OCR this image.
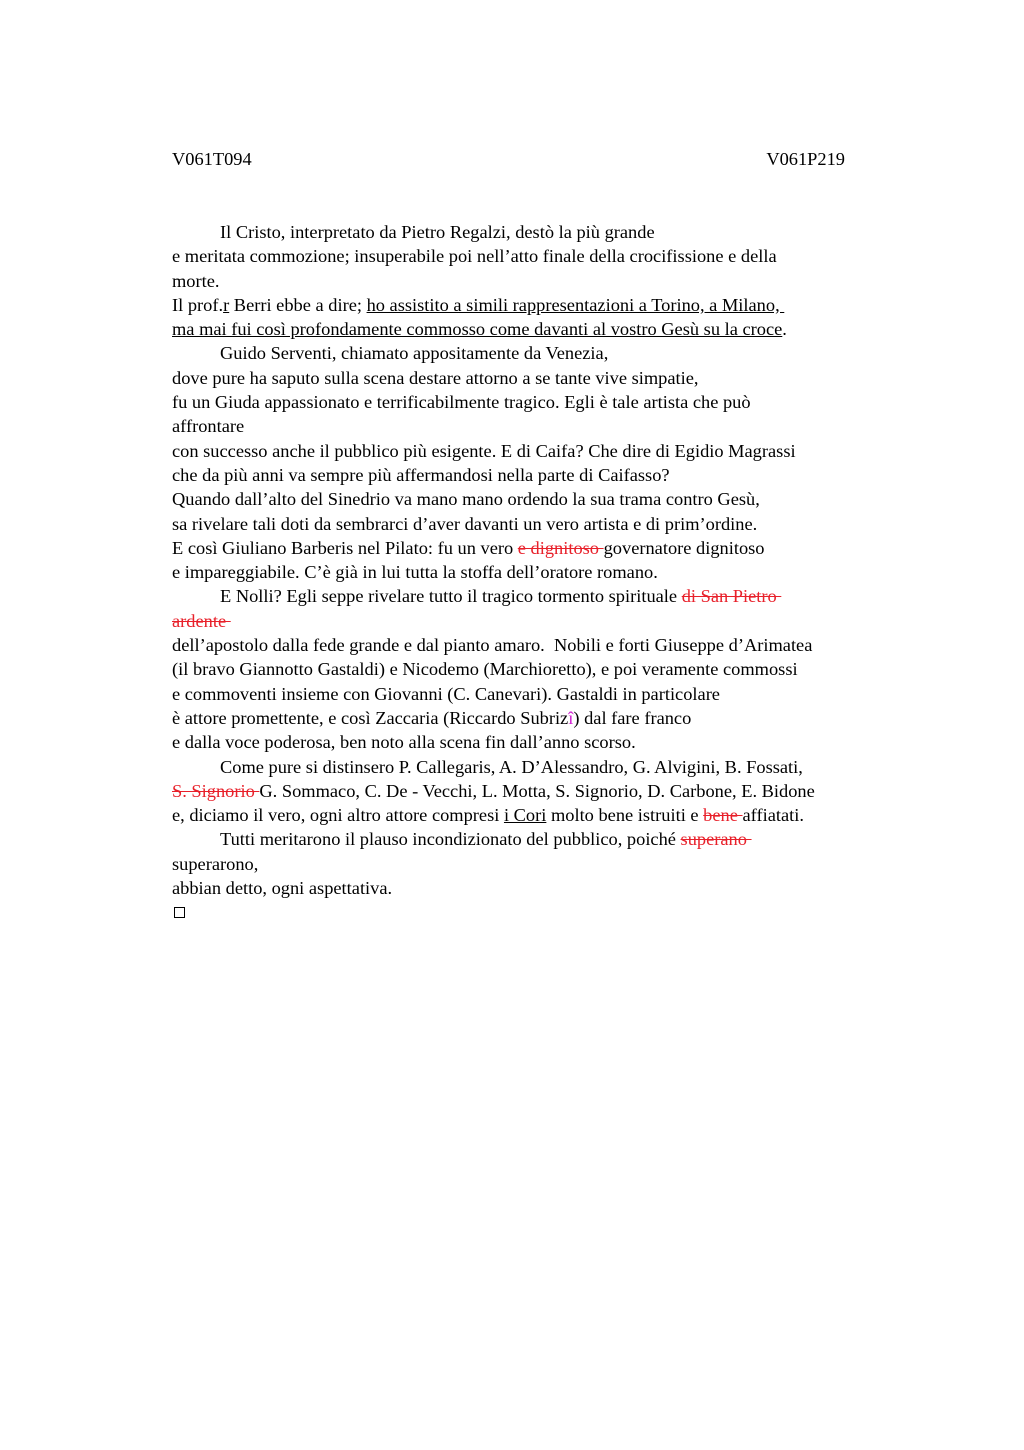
V061T094	V061P219
Il Cristo, interpretato da Pietro Regalzi, destò la più grande
e meritata commozione; insuperabile poi nell’atto finale della crocifissione e della
morte.
Il prof.r Berri ebbe a dire; ho assistito a simili rappresentazioni a Torino, a Milano,
ma mai fui così profondamente commosso come davanti al vostro Gesù su la croce.
Guido Serventi, chiamato appositamente da Venezia,
dove pure ha saputo sulla scena destare attorno a se tante vive simpatie,
fu un Giuda appassionato e terrificabilmente tragico. Egli è tale artista che può
affrontare
con successo anche il pubblico più esigente. E di Caifa? Che dire di Egidio Magrassi
che da più anni va sempre più affermandosi nella parte di Caifasso?
Quando dall’alto del Sinedrio va mano mano ordendo la sua trama contro Gesù,
sa rivelare tali doti da sembrarci d’aver davanti un vero artista e di prim’ordine.
E così Giuliano Barberis nel Pilato: fu un vero e dignitoso governatore dignitoso
e impareggiabile. C’è già in lui tutta la stoffa dell’oratore romano.
E Nolli? Egli seppe rivelare tutto il tragico tormento spirituale di San Pietro
ardente
dell’apostolo dalla fede grande e dal pianto amaro.  Nobili e forti Giuseppe d’Arimatea
(il bravo Giannotto Gastaldi) e Nicodemo (Marchioretto), e poi veramente commossi
e commoventi insieme con Giovanni (C. Canevari). Gastaldi in particolare
è attore promettente, e così Zaccaria (Riccardo Subrizî) dal fare franco
e dalla voce poderosa, ben noto alla scena fin dall’anno scorso.
Come pure si distinsero P. Callegaris, A. D’Alessandro, G. Alvigini, B. Fossati,
S. Signorio G. Sommaco, C. De - Vecchi, L. Motta, S. Signorio, D. Carbone, E. Bidone
e, diciamo il vero, ogni altro attore compresi i Cori molto bene istruiti e bene affiatati.
Tutti meritarono il plauso incondizionato del pubblico, poiché superano
superarono,
abbian detto, ogni aspettativa.
